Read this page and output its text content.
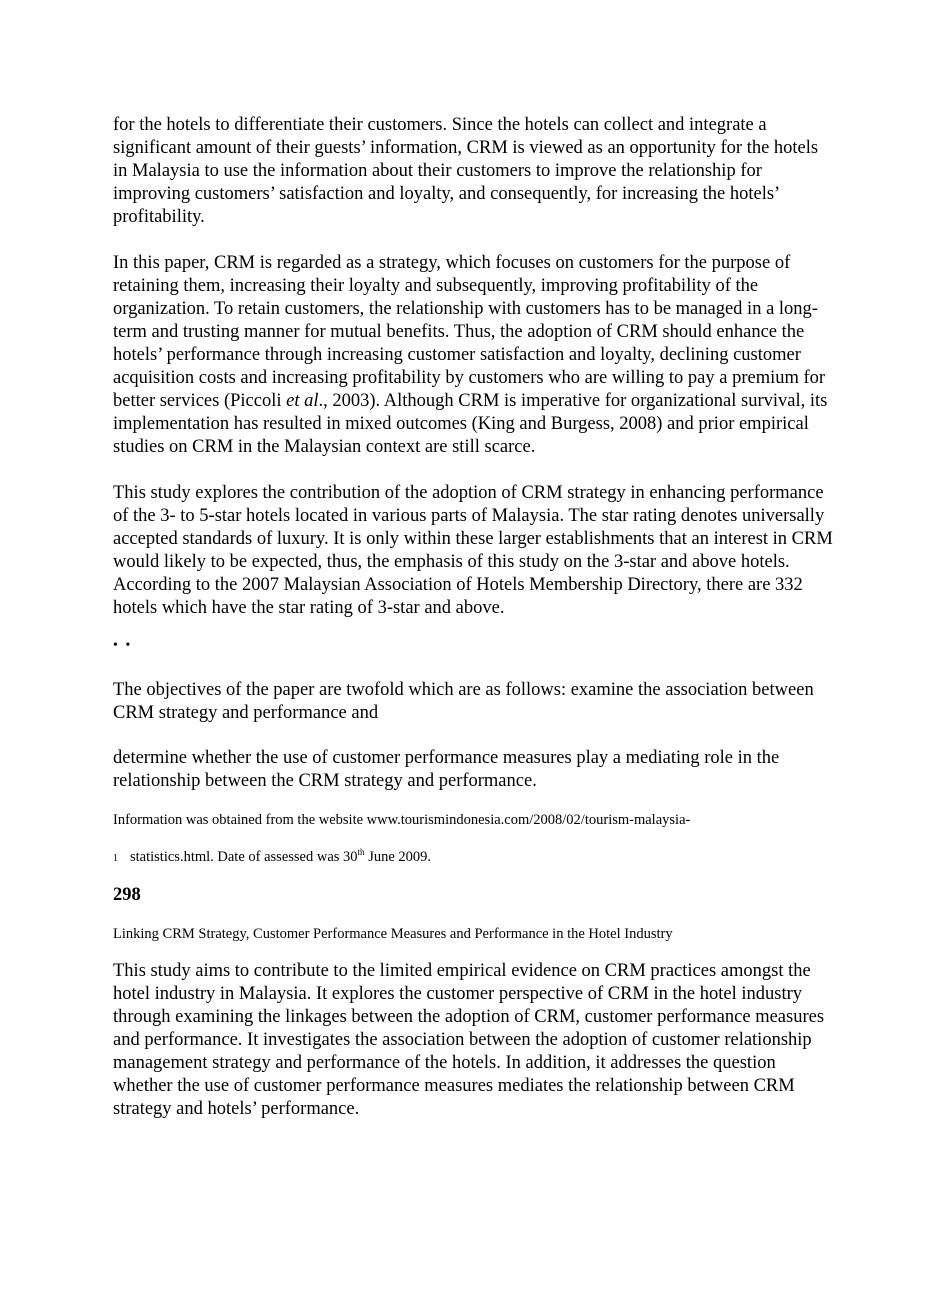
for the hotels to differentiate their customers. Since the hotels can collect and integrate a significant amount of their guests’ information, CRM is viewed as an opportunity for the hotels in Malaysia to use the information about their customers to improve the relationship for improving customers’ satisfaction and loyalty, and consequently, for increasing the hotels’ profitability.

In this paper, CRM is regarded as a strategy, which focuses on customers for the purpose of retaining them, increasing their loyalty and subsequently, improving profitability of the organization. To retain customers, the relationship with customers has to be managed in a long-term and trusting manner for mutual benefits. Thus, the adoption of CRM should enhance the hotels’ performance through increasing customer satisfaction and loyalty, declining customer acquisition costs and increasing profitability by customers who are willing to pay a premium for better services (Piccoli et al., 2003). Although CRM is imperative for organizational survival, its implementation has resulted in mixed outcomes (King and Burgess, 2008) and prior empirical studies on CRM in the Malaysian context are still scarce.

This study explores the contribution of the adoption of CRM strategy in enhancing performance of the 3- to 5-star hotels located in various parts of Malaysia. The star rating denotes universally accepted standards of luxury. It is only within these larger establishments that an interest in CRM would likely to be expected, thus, the emphasis of this study on the 3-star and above hotels. According to the 2007 Malaysian Association of Hotels Membership Directory, there are 332 hotels which have the star rating of 3-star and above.

• •

The objectives of the paper are twofold which are as follows: examine the association between CRM strategy and performance and

determine whether the use of customer performance measures play a mediating role in the relationship between the CRM strategy and performance.

Information was obtained from the website www.tourismindonesia.com/2008/02/tourism-malaysia-

1 statistics.html. Date of assessed was 30th June 2009.

298

Linking CRM Strategy, Customer Performance Measures and Performance in the Hotel Industry

This study aims to contribute to the limited empirical evidence on CRM practices amongst the hotel industry in Malaysia. It explores the customer perspective of CRM in the hotel industry through examining the linkages between the adoption of CRM, customer performance measures and performance. It investigates the association between the adoption of customer relationship management strategy and performance of the hotels. In addition, it addresses the question whether the use of customer performance measures mediates the relationship between CRM strategy and hotels’ performance.
